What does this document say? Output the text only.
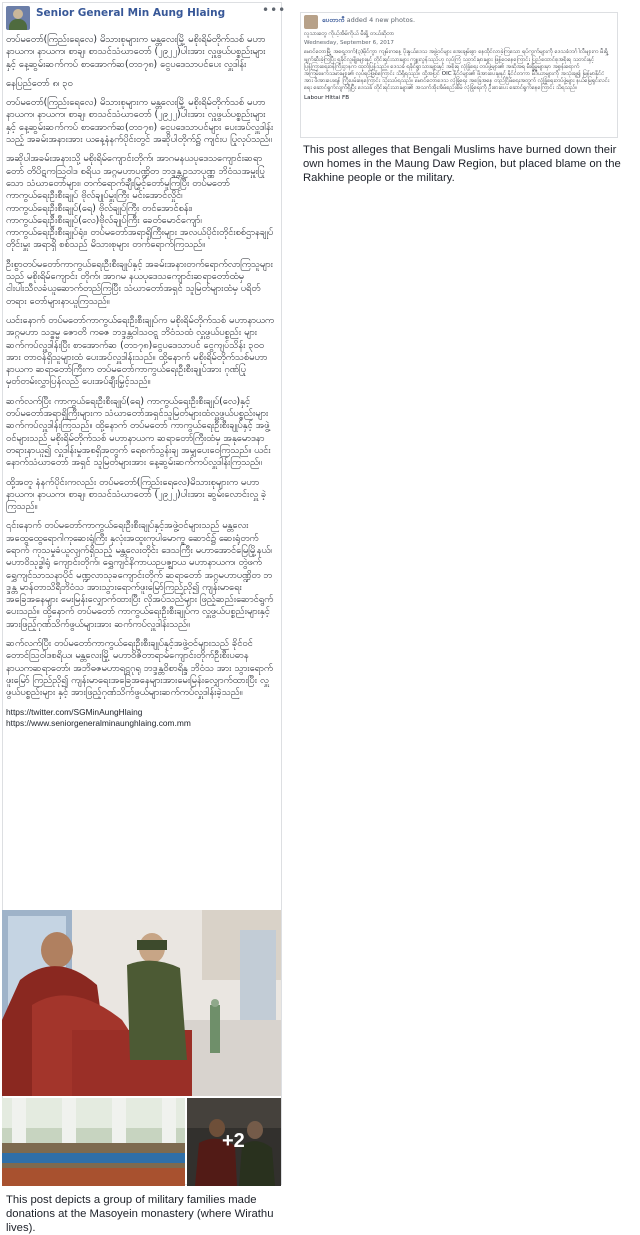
Senior General Min Aung Hlaing	•••

တပ်မတော်(ကြည်းရေလေ) မိသားစုများက မန္တလေးမြို့ မစိုးရိမ်တိုက်သစ် မဟာနာယက၊ နာယက၊ စာချ၊ စာသင်သံဃာတော် (၂၉၂၂)ပါးအား လှူဖွယ်ပစ္စည်းများနှင့် နေ့ဆွမ်းဆက်ကပ် စာအောက်ဆ(တ၁၇၈) ငွေပဒေသာပင်ပေး လှူဒါန်း

နေပြည်တော် ၈၊ ၃၀

တပ်မတော်(ကြည်းရေလေ) မိသားစုများက မန္တလေးမြို့ မစိုးရိမ်တိုက်သစ် မဟာနာယက၊ နာယက၊ စာချ၊ စာသင်သံဃာတော် (၂၉၂၂)ပါးအား လှူဖွယ်ပစ္စည်းများနှင့် နေ့ဆွမ်းဆက်ကပ် စာအောက်ဆ(တ၁၇၈) ငွေပဒေသာပင်များ ပေးအပ်လှူဒါန်းသည့် အခမ်းအနားအား ယနေ့နံနက်ပိုင်းတွင် အဆိုပါတိုက်၌ ကျင်းပ ပြုလုပ်သည်။

အဆိုပါအခမ်းအနားသို့ မစိုးရိမ်ကျောင်းတိုက်၊ အာဂမနယပုဒေသကျောင်းဆရာတော် တိပိဋကသြဝါဒ စရိယ အဂ္ဂမဟာပဏ္ဍိတ ဘဒ္ဒန္တဥသာပုဏ္ဏ ဘိဝံသအမှူးပြုသော သံဃာတော်များ၊ တက်ရောက်ချီးမြှင့်တော်မူကြပြီး တပ်မတော်ကာကွယ်ရေးဦးစီးချုပ် ဗိုလ်ချုပ်မှူးကြီး မင်းအောင်လှိုင်၊ ကာကွယ်ရေးဦးစီးချုပ်(ရေ) ဗိုလ်ချုပ်ကြီး တင်အောင်စန်း၊ ကာကွယ်ရေးဦးစီးချုပ်(လေ)ဗိုလ်ချုပ်ကြီး ခေတ်မောင်ကျော်၊ ကာကွယ်ရေးဦးစီးချုပ်ရုံး၊ တပ်မတော်အရာရှိကြီးများ အလယ်ပိုင်းတိုင်းစစ်ဌာနချုပ်တိုင်းမှူး အရာရှိ စစ်သည် မိသားစုများ တက်ရောက်ကြသည်။

ဦးစွာတပ်မတော်ကာကွယ်ရေးဦးစီးချုပ်နှင့် အခမ်းအနားတက်ရောက်လာကြသူများသည် မစိုးရိမ်ကျောင်း တိုက်၊ အာဂမ နယပုဒေသကျောင်းဆရာတော်ထံမှ ငါးပါးသီလခံယူဆောက်တည်ကြပြီး သံဃာတော်အရှင် သူမြတ်များထံမှ ပရိတ်တရား တော်များနာယူကြသည်။

ယင်းနောက် တပ်မတော်ကာကွယ်ရေးဦးစီးချုပ်က မစိုးရိမ်တိုက်သစ် မဟာနာယကအဂ္ဂမဟာ သဒ္ဓမ္မ ဇောတိ ကဓဇ ဘဒ္ဒန္တဝါသဝဋ္ဋ ဘိဝံသထံ လှူဖွယ်ပစ္စည်း များဆက်ကပ်လှူဒါန်းပြီး စာအောက်ဆ (တ၁၇၈)ငွေပဒေသာပင် ငွေကျပ်သိန်း ၃၀၀ အား တာဝန်ရှိသူများထံ ပေးအပ်လှူဒါန်းသည်။ ထို့နောက် မစိုးရိမ်တိုက်သစ်မဟာနာယက ဆရာတော်ကြီးက တပ်မတော်ကာကွယ်ရေးဦးစီးချုပ်အား ဂုဏ်ပြုမှတ်တမ်းလွှာပြန်လည် ပေးအပ်ချီးမြှင့်သည်။

ဆက်လက်ပြီး ကာကွယ်ရေးဦးစီးချုပ်(ရေ) ကာကွယ်ရေးဦးစီးချုပ်(လေ)နှင့် တပ်မတော်အရာရှိကြီးများက သံဃာတော်အရှင်သူမြတ်များထံလှူဖွယ်ပစ္စည်းများ ဆက်ကပ်လှူဒါန်းကြသည်။ ထို့နောက် တပ်မတော် ကာကွယ်ရေးဦးစီးချုပ်နှင့် အဖွဲ့ဝင်များသည် မစိုးရိမ်တိုက်သစ် မဟာနာယက ဆရာတော်ကြီးထံမှ အနုမောဒနာ တရားနာယူ၍ လှူဒါန်းမှုအစရှိအတွက် ရေစက်သွန်းချ အမျှပေးဝေကြသည်။ ယင်းနောက်သံဃာတော် အရှင် သူမြတ်များအား နေ့ဆွမ်းဆက်ကပ်လှူဒါန်းကြသည်။

ထို့အတူ နံနက်ပိုင်းကလည်း တပ်မတော်(ကြည်းရေလေ)မိသားစုများက မဟာနာယက၊ နာယက၊ စာချ၊ စာသင်သံဃာတော် (၂၉၂၂)ပါးအား ဆွမ်းလောင်းလှူ ခဲ့ကြသည်။

၎င်းနောက် တပ်မတော်ကာကွယ်ရေးဦးစီးချုပ်နှင့်အဖွဲ့ဝင်များသည် မန္တလေး အထွေထွေရောဂါကုဆေးရုံကြီး နှလုံးအထူးကုပါမောက္ခ ဆောင်၌ ဆေးရုံတက်ရောက် ကုသမှုခံယူလျက်ရှိသည့် မန္တလေးတိုင်း ဒေသကြီး မဟာအောင်မြေမြို့နယ်၊ မဟာဝိသုဒ္ဓါရုံ ကျောင်းတိုက်၊ ရွှေကျင်နိကာယဉပဇ္ဈာယ မဟာနာယက၊ တွဲဖက် ရွှေကျင်သာသနာပိုင် မဏ္ဍလာသုခကျောင်းတိုက် ဆရာတော် အဂ္ဂမဟာပဏ္ဍိတ ဘဒ္ဒန္တ မာန်တာသိရီဘိဝံသ အားသွားရောက်ဖူးမြော်ကြည်ညို၍ ကျန်းမာရေး အခြေအနေများ မေးမြန်းလျှောက်ထားပြီး လိုအပ်သည်များ ဖြည့်ဆည်းဆောင်ရွက်ပေးသည်။ ထို့နောက် တပ်မတော် ကာကွယ်ရေးဦးစီးချုပ်က လှူဖွယ်ပစ္စည်းများနှင့် အားဖြည့်ဂုဏ်သိက်ဖွယ်များအား ဆက်ကပ်လှူဒါန်းသည်။

ဆက်လက်ပြီး တပ်မတော်ကာကွယ်ရေးဦးစီးချုပ်နှင့်အဖွဲ့ဝင်များသည် ခိုင်ဝင်တောင်သြဝါဒစရိယ၊ မန္တလေးမြို့ မဟာဝိဇိတာရာမ်ကျောင်းတိုက်ဦးစီးပဓာန နာယကဆရာတော်၊ အဘိဓဇမဟာရဋ္ဌဂုရု ဘဒ္ဒန္တဝိစာရိန္ဒ ဘိဝံသ အား သွားရောက်ဖူးမြော် ကြည်ညို၍ ကျန်းမာရေးအခြေအနေများအားမေးမြန်းလျှောက်ထားပြီး လှူဖွယ်ပစ္စည်းများ နှင့် အားဖြည့်ဂုဏ်သိက်ဖွယ်များဆက်ကပ်လှူဒါန်းခဲ့သည်။

https://twitter.com/SGMinAungHlaing
https://www.seniorgeneralminaunghlaing.com.mm
+2
This post depicts a group of military families made donations at the Masoyein monastery (where Wirathu lives).
ပေတာကီ added 4 new photos.

လူသားတွေ ကိုယ့်အိမ်ကိုယ် မီးရှို့ တယ်ဆိုတာ

Wednesday, September 6, 2017

မောင်တောမြို့ အရှေ့ဘက်(၃)မိုင်ကွာ ကျမ်းကနေ့ ပိုးနွယ်ဒေသ အဖွဲ့ဝင်များ အေးချမ်းစွာ နေထိုင်လာခဲ့ကြသော ရပ်ကွက်များကို ဒေသခံဘင်္ဂါလီများက မီးရှို့ ဖျက်ဆီးခဲ့ကြပြီး ရခိုင်လူမျိုးများနှင့် တိုင်းရင်းသားများ ကျူးလွန်သည်ဟု လုပ်ကြံ သတင်းမှားများ ဖြန့်ဝေနေကြောင်း ပြည်ထောင်စုအစိုးရ သတင်းနှင့် ပြန်ကြားရေးဝန်ကြီးဌာနက ထုတ်ပြန်သည်။ ဒေသခံ ရခိုင်ရွာသားများနှင့် အစိုးရ လုံခြုံရေး တပ်ဖွဲ့များ၏ အဆိုအရ မီးရှို့မှုများမှာ အစွန်းရောက် အကြမ်းဖက်သမားများ၏ လုပ်ရပ်ဖြစ်ကြောင်း သိရှိရသည်။ ထို့အပြင် OIC နိုင်ငံများ၏ ဖိအားပေးမှုနှင့် နိုင်ငံတကာ မီဒီယာများကို အသုံးချ၍ မြန်မာနိုင်ငံအား ဖိအားပေးရန် ကြိုးပမ်းနေကြောင်း သုံးသပ်ရသည်။ မောင်တောဒေသ လုံခြုံရေး အခြေအနေ တည်ငြိမ်ရေးအတွက် လုံခြုံရေးတပ်ဖွဲ့များ နယ်မြေရှင်းလင်းရေး ဆောင်ရွက်လျက်ရှိပြီး ဒေသခံ တိုင်းရင်းသားများ၏ အသက်အိုးအိမ်စည်းစိမ် လုံခြုံရေးကို ဦးစားပေး ဆောင်ရွက်နေကြောင်း သိရသည်။

Labour Hlttai FB

This post alleges that Bengali Muslims have burned down their own homes in the Maung Daw Region, but placed blame on the Rakhine people or the military.
